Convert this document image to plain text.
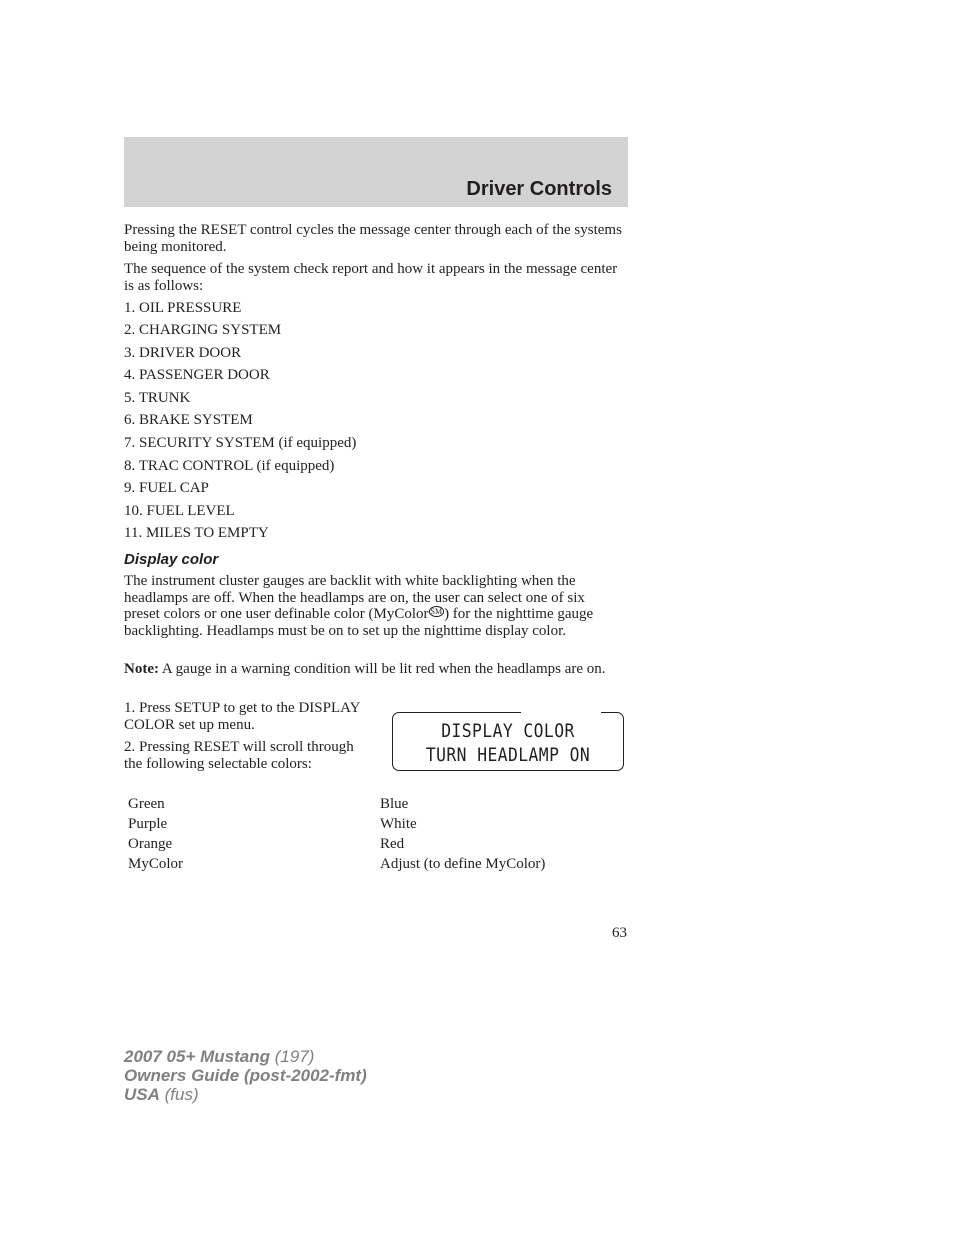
Driver Controls

Pressing the RESET control cycles the message center through each of the systems being monitored.

The sequence of the system check report and how it appears in the message center is as follows:

1. OIL PRESSURE
2. CHARGING SYSTEM
3. DRIVER DOOR
4. PASSENGER DOOR
5. TRUNK
6. BRAKE SYSTEM
7. SECURITY SYSTEM (if equipped)
8. TRAC CONTROL (if equipped)
9. FUEL CAP
10. FUEL LEVEL
11. MILES TO EMPTY
Display color

The instrument cluster gauges are backlit with white backlighting when the headlamps are off. When the headlamps are on, the user can select one of six preset colors or one user definable color (MyColor ℠ ) for the nighttime gauge backlighting. Headlamps must be on to set up the nighttime display color.

Note: A gauge in a warning condition will be lit red when the headlamps are on.

1. Press SETUP to get to the DISPLAY COLOR set up menu.

2. Pressing RESET will scroll through the following selectable colors:

DISPLAY COLOR
TURN HEADLAMP ON
Green	Blue
Purple	White
Orange	Red
MyColor	Adjust (to define MyColor)
63
2007 05+ Mustang (197)
Owners Guide (post-2002-fmt)
USA (fus)
